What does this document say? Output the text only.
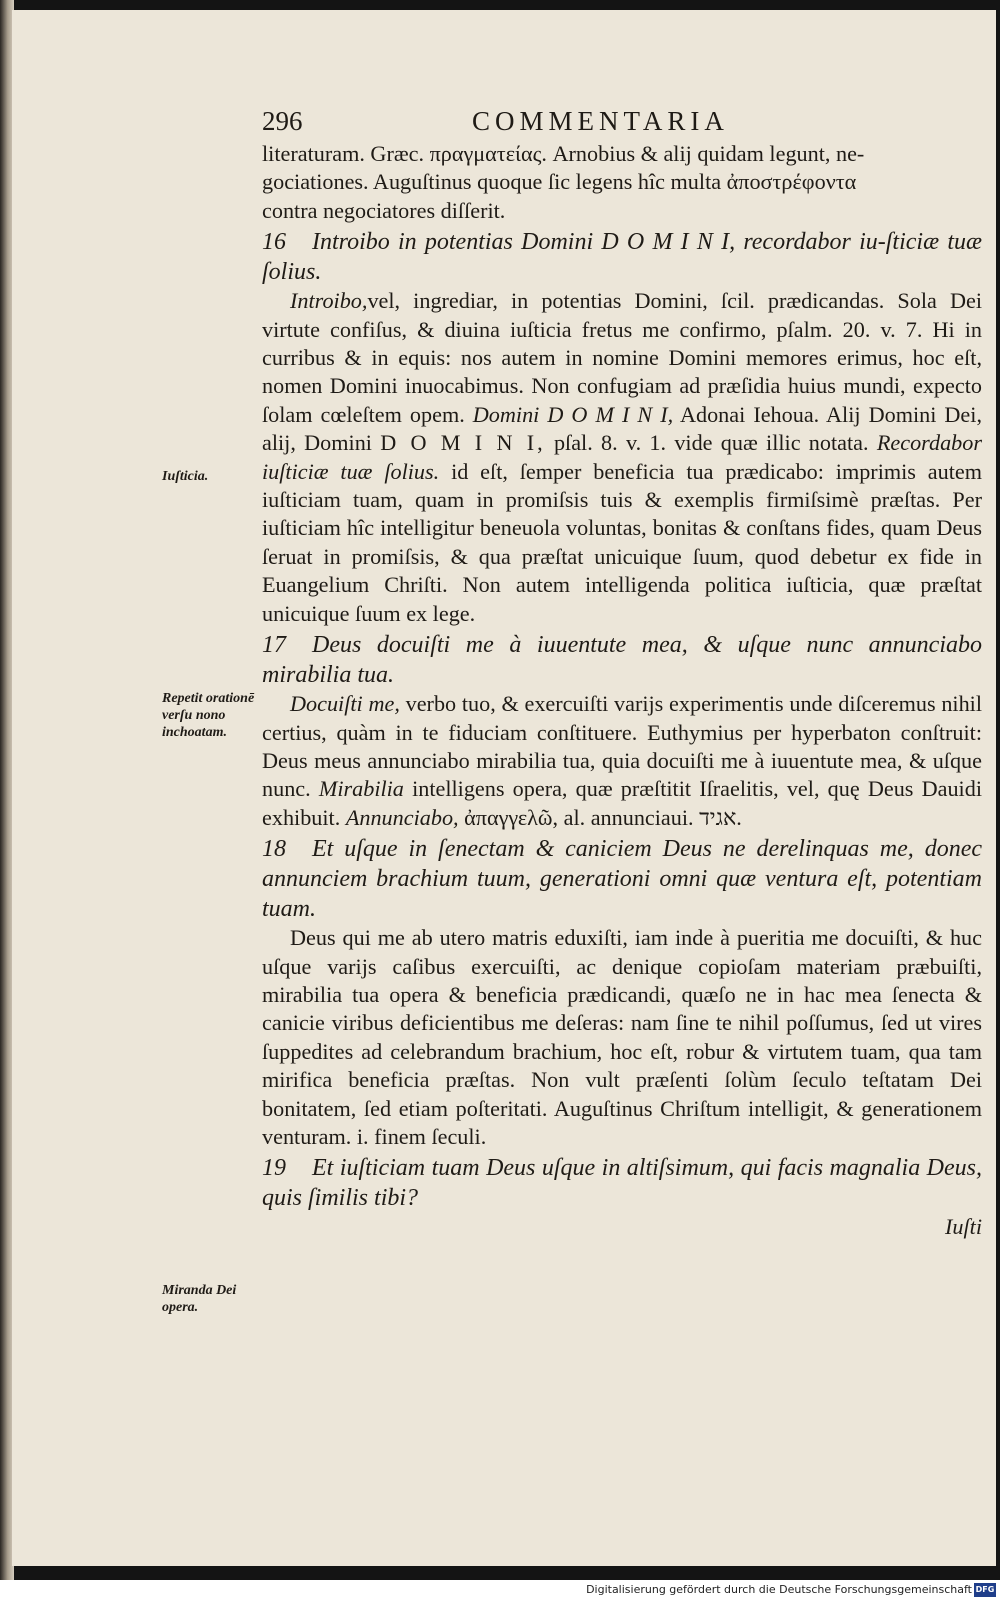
296	COMMENTARIA
Iuſticia.
Repetit orationē verſu nono inchoatam.
Miranda Dei opera.

literaturam. Græc. πραγματείας. Arnobius & alij quidam legunt, ne-

gociationes. Auguſtinus quoque ſic legens hîc multa ἀποστρέφοντα

contra negociatores diſſerit.

16 Introibo in potentias Domini D O M I N I, recordabor iu-ſticiæ tuæ ſolius.

Introibo,vel, ingrediar, in potentias Domini, ſcil. prædicandas. Sola Dei virtute confiſus, & diuina iuſticia fretus me confirmo, pſalm. 20. v. 7. Hi in curribus & in equis: nos autem in nomine Domini memores erimus, hoc eſt, nomen Domini inuocabimus. Non confugiam ad præſidia huius mundi, expecto ſolam cœleſtem opem. Domini D O M I N I, Adonai Iehoua. Alij Domini Dei, alij, Domini D O M I N I, pſal. 8. v. 1. vide quæ illic notata. Recordabor iuſticiæ tuæ ſolius. id eſt, ſemper beneficia tua prædicabo: imprimis autem iuſticiam tuam, quam in promiſsis tuis & exemplis firmiſsimè præſtas. Per iuſticiam hîc intelligitur beneuola voluntas, bonitas & conſtans fides, quam Deus ſeruat in promiſsis, & qua præſtat unicuique ſuum, quod debetur ex fide in Euangelium Chriſti. Non autem intelligenda politica iuſticia, quæ præſtat unicuique ſuum ex lege.

17 Deus docuiſti me à iuuentute mea, & uſque nunc annunciabo mirabilia tua.

Docuiſti me, verbo tuo, & exercuiſti varijs experimentis unde diſceremus nihil certius, quàm in te fiduciam conſtituere. Euthymius per hyperbaton conſtruit: Deus meus annunciabo mirabilia tua, quia docuiſti me à iuuentute mea, & uſque nunc. Mirabilia intelligens opera, quæ præſtitit Iſraelitis, vel, quę Deus Dauidi exhibuit. Annunciabo, ἀπαγγελῶ, al. annunciaui. אגיד.

18 Et uſque in ſenectam & caniciem Deus ne derelinquas me, donec annunciem brachium tuum, generationi omni quæ ventura eſt, potentiam tuam.

Deus qui me ab utero matris eduxiſti, iam inde à pueritia me docuiſti, & huc uſque varijs caſibus exercuiſti, ac denique copioſam materiam præbuiſti, mirabilia tua opera & beneficia prædicandi, quæſo ne in hac mea ſenecta & canicie viribus deficientibus me deſeras: nam ſine te nihil poſſumus, ſed ut vires ſuppedites ad celebrandum brachium, hoc eſt, robur & virtutem tuam, qua tam mirifica beneficia præſtas. Non vult præſenti ſolùm ſeculo teſtatam Dei bonitatem, ſed etiam poſteritati. Auguſtinus Chriſtum intelligit, & generationem venturam. i. finem ſeculi.

19 Et iuſticiam tuam Deus uſque in altiſsimum, qui facis magnalia Deus, quis ſimilis tibi?

Iuſti

Digitalisierung gefördert durch die Deutsche Forschungsgemeinschaft DFG
